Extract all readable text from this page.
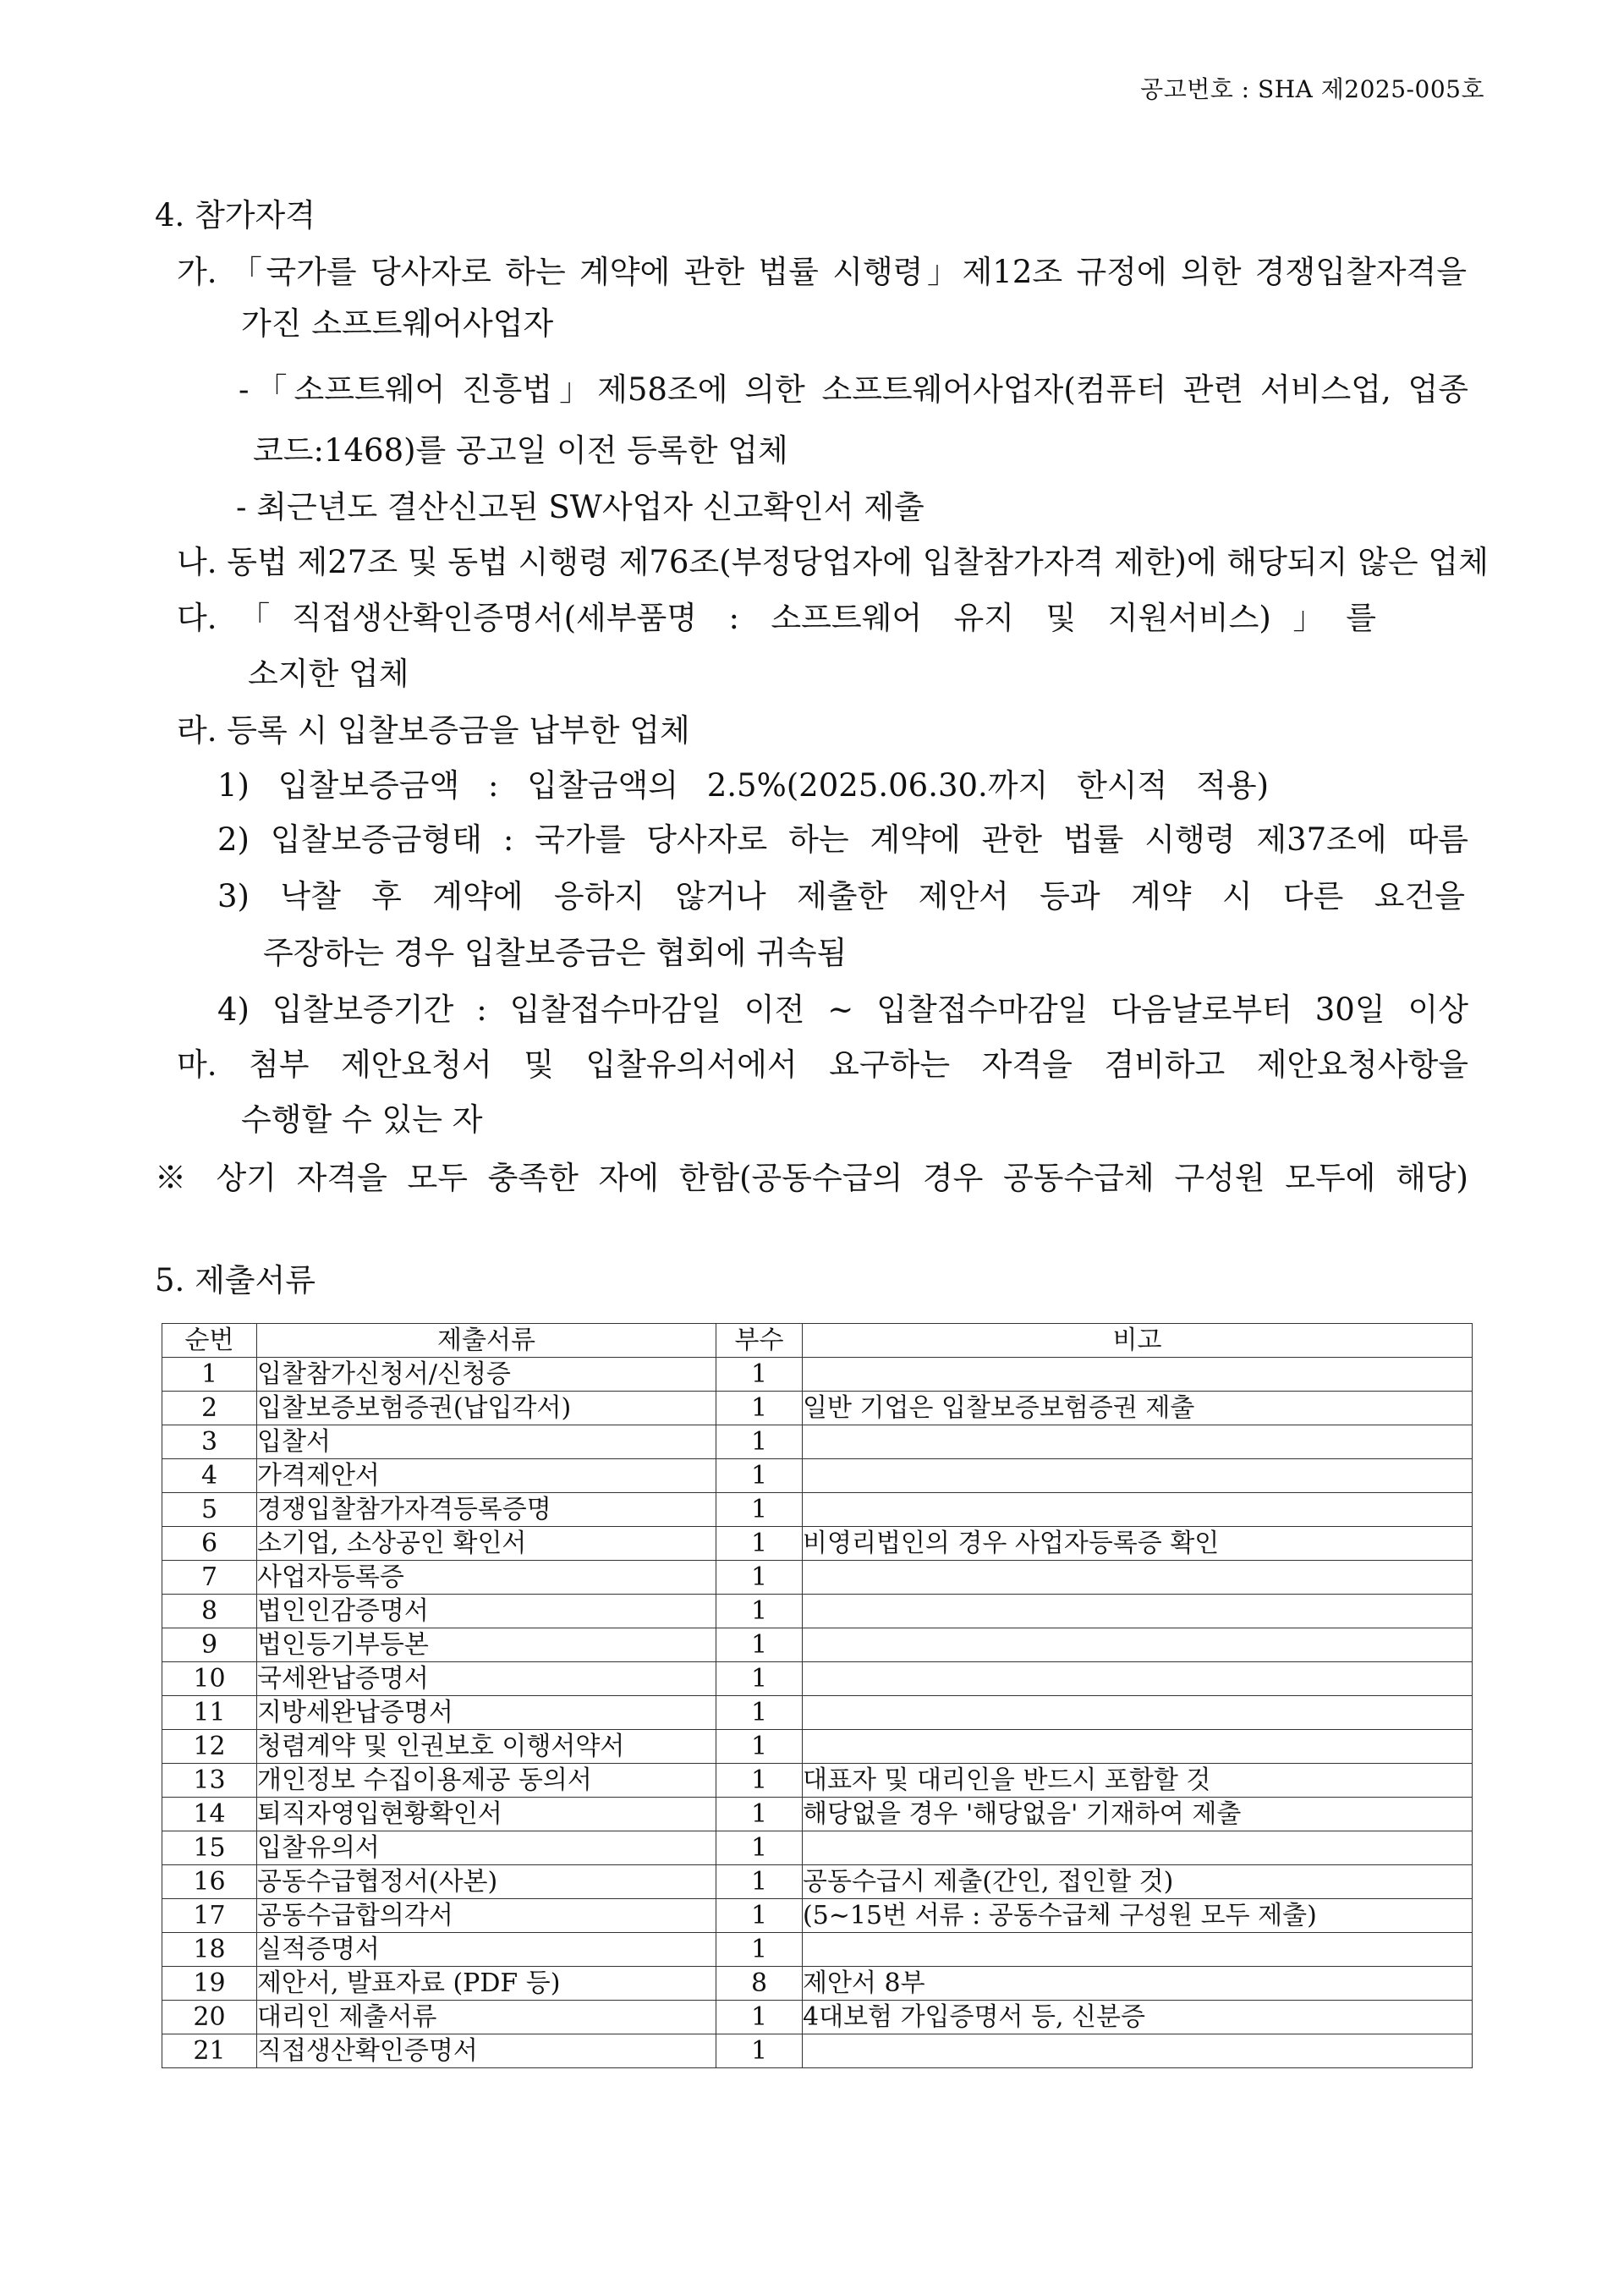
공고번호 : SHA 제2025-005호
4. 참가자격
가. 「국가를 당사자로 하는 계약에 관한 법률 시행령」제12조 규정에 의한 경쟁입찰자격을
가진 소프트웨어사업자
-「소프트웨어 진흥법」제58조에 의한 소프트웨어사업자(컴퓨터 관련 서비스업, 업종
코드:1468)를 공고일 이전 등록한 업체
- 최근년도 결산신고된 SW사업자 신고확인서 제출
나. 동법 제27조 및 동법 시행령 제76조(부정당업자에 입찰참가자격 제한)에 해당되지 않은 업체
다.「직접생산확인증명서(세부품명 : 소프트웨어 유지 및 지원서비스)」를
소지한 업체
라. 등록 시 입찰보증금을 납부한 업체
1) 입찰보증금액 : 입찰금액의 2.5%(2025.06.30.까지 한시적 적용)
2) 입찰보증금형태 : 국가를 당사자로 하는 계약에 관한 법률 시행령 제37조에 따름
3) 낙찰 후 계약에 응하지 않거나 제출한 제안서 등과 계약 시 다른 요건을
주장하는 경우 입찰보증금은 협회에 귀속됨
4) 입찰보증기간 : 입찰접수마감일 이전 ~ 입찰접수마감일 다음날로부터 30일 이상
마. 첨부 제안요청서 및 입찰유의서에서 요구하는 자격을 겸비하고 제안요청사항을
수행할 수 있는 자
※ 상기 자격을 모두 충족한 자에 한함(공동수급의 경우 공동수급체 구성원 모두에 해당)
5. 제출서류
순번	제출서류	부수	비고
1	입찰참가신청서/신청증	1	
2	입찰보증보험증권(납입각서)	1	일반 기업은 입찰보증보험증권 제출
3	입찰서	1	
4	가격제안서	1	
5	경쟁입찰참가자격등록증명	1	
6	소기업, 소상공인 확인서	1	비영리법인의 경우 사업자등록증 확인
7	사업자등록증	1	
8	법인인감증명서	1	
9	법인등기부등본	1	
10	국세완납증명서	1	
11	지방세완납증명서	1	
12	청렴계약 및 인권보호 이행서약서	1	
13	개인정보 수집이용제공 동의서	1	대표자 및 대리인을 반드시 포함할 것
14	퇴직자영입현황확인서	1	해당없을 경우 '해당없음' 기재하여 제출
15	입찰유의서	1	
16	공동수급협정서(사본)	1	공동수급시 제출(간인, 접인할 것)
17	공동수급합의각서	1	(5~15번 서류 : 공동수급체 구성원 모두 제출)
18	실적증명서	1	
19	제안서, 발표자료 (PDF 등)	8	제안서 8부
20	대리인 제출서류	1	4대보험 가입증명서 등, 신분증
21	직접생산확인증명서	1	
